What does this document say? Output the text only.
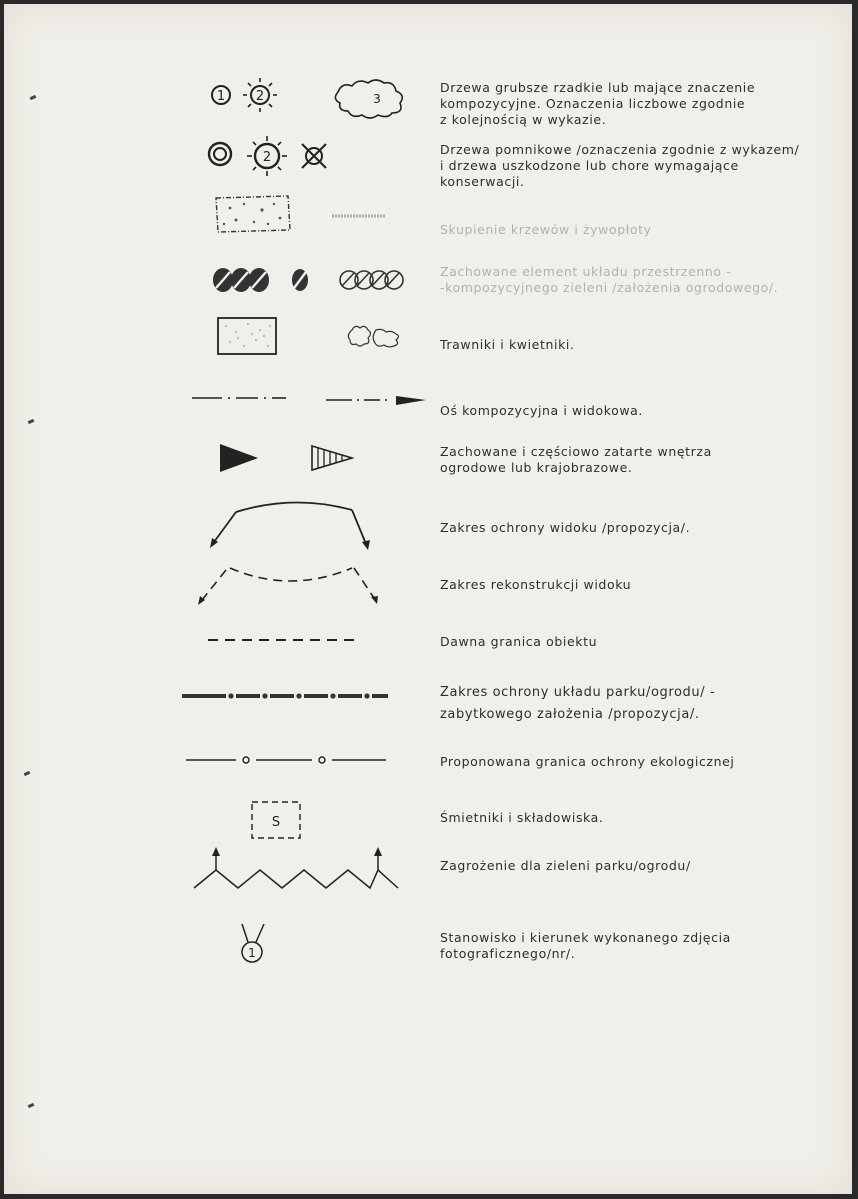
1 2	3
Drzewa grubsze rzadkie lub mające znaczenie
kompozycyjne. Oznaczenia liczbowe zgodnie
z kolejnością w wykazie.
2
Drzewa pomnikowe /oznaczenia zgodnie z wykazem/
i drzewa uszkodzone lub chore wymagające
konserwacji.
Skupienie krzewów i żywopłoty
Zachowane element układu przestrzenno -
-kompozycyjnego zieleni /założenia ogrodowego/.
Trawniki i kwietniki.
Oś kompozycyjna i widokowa.
Zachowane i częściowo zatarte wnętrza
ogrodowe lub krajobrazowe.
Zakres ochrony widoku /propozycja/.
Zakres rekonstrukcji widoku
Dawna granica obiektu
Zakres ochrony układu parku/ogrodu/ -
zabytkowego założenia /propozycja/.
Proponowana granica ochrony ekologicznej
S	Śmietniki i składowiska.
Zagrożenie dla zieleni parku/ogrodu/
1
Stanowisko i kierunek wykonanego zdjęcia
fotograficznego/nr/.
